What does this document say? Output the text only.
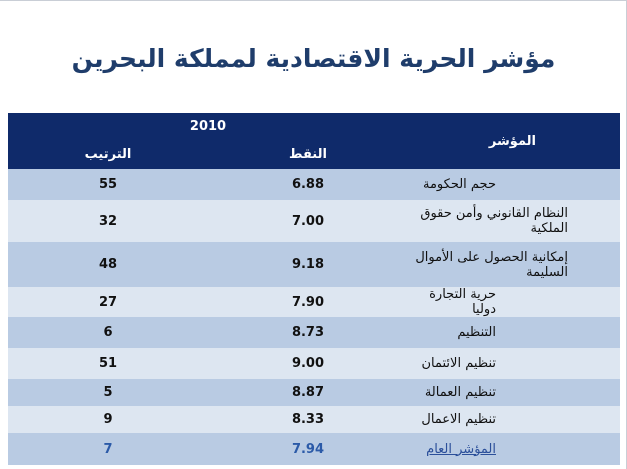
مؤشر الحرية الاقتصادية لمملكة البحرين
2010		المؤشر
الترتيب	النقط	
55	6.88	حجم الحكومة
32	7.00	النظام القانوني وأمن حقوق الملكية
48	9.18	إمكانية الحصول على الأموال السليمة
27	7.90	حرية التجارة دوليا
6	8.73	التنظيم
51	9.00	تنظيم الائتمان
5	8.87	تنظيم العمالة
9	8.33	تنظيم الاعمال
7	7.94	المؤشر العام
